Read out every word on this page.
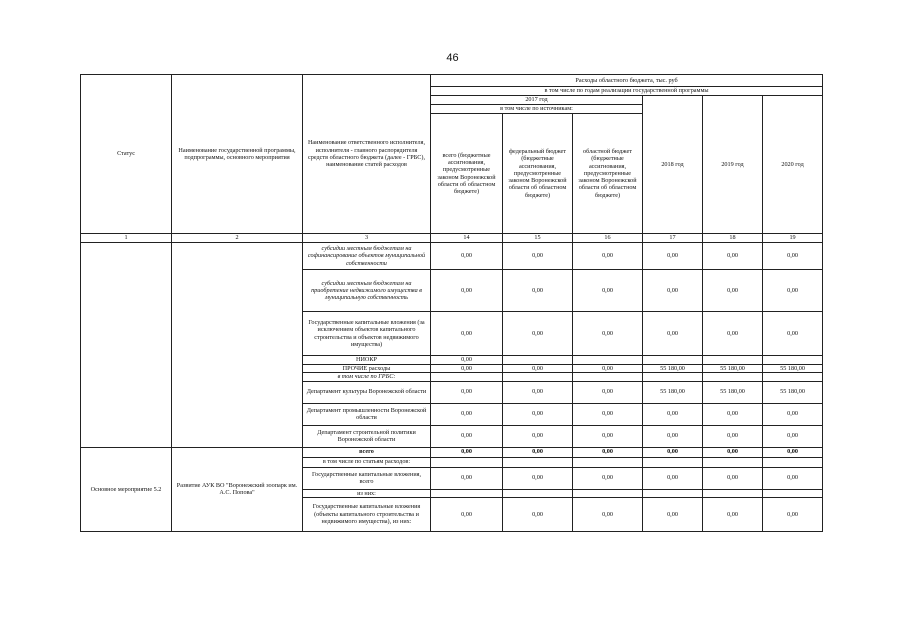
46
Статус	Наименование государственной программы, подпрограммы, основного мероприятия	Наименование ответственного исполнителя, исполнителя - главного распорядителя средств областного бюджета (далее - ГРБС), наименование статей расходов	Расходы областного бюджета, тыс. руб					
			в том числе по годам реализации государственной программы					
			2017 год			2018 год	2019 год	2020 год
			в том числе по источникам:					
			всего (бюджетные ассигнования, предусмотренные законом Воронежской области об областном бюджете)	федеральный бюджет (бюджетные ассигнования, предусмотренные законом Воронежской области об областном бюджете)	областной бюджет (бюджетные ассигнования, предусмотренные законом Воронежской области об областном бюджете)			
1	2	3	14	15	16	17	18	19
		субсидии местным бюджетам на софинансирование объектов муниципальной собственности	0,00	0,00	0,00	0,00	0,00	0,00
		субсидии местным бюджетам на приобретение недвижимого имущества в муниципальную собственность	0,00	0,00	0,00	0,00	0,00	0,00
		Государственные капитальные вложения (за исключением объектов капитального строительства и объектов недвижимого имущества)	0,00	0,00	0,00	0,00	0,00	0,00
		НИОКР	0,00					
		ПРОЧИЕ расходы	0,00	0,00	0,00	55 180,00	55 180,00	55 180,00
		в том числе по ГРБС:						
		Департамент культуры Воронежской области	0,00	0,00	0,00	55 180,00	55 180,00	55 180,00
		Департамент промышленности Воронежской области	0,00	0,00	0,00	0,00	0,00	0,00
		Департамент строительной политики Воронежской области	0,00	0,00	0,00	0,00	0,00	0,00
Основное мероприятие 5.2	Развитие АУК ВО "Воронежский зоопарк им. А.С. Попова"	всего	0,00	0,00	0,00	0,00	0,00	0,00
		в том числе по статьям расходов:						
		Государственные капитальные вложения, всего	0,00	0,00	0,00	0,00	0,00	0,00
		из них:						
		Государственные капитальные вложения (объекты капитального строительства и недвижимого имущества), из них:	0,00	0,00	0,00	0,00	0,00	0,00
